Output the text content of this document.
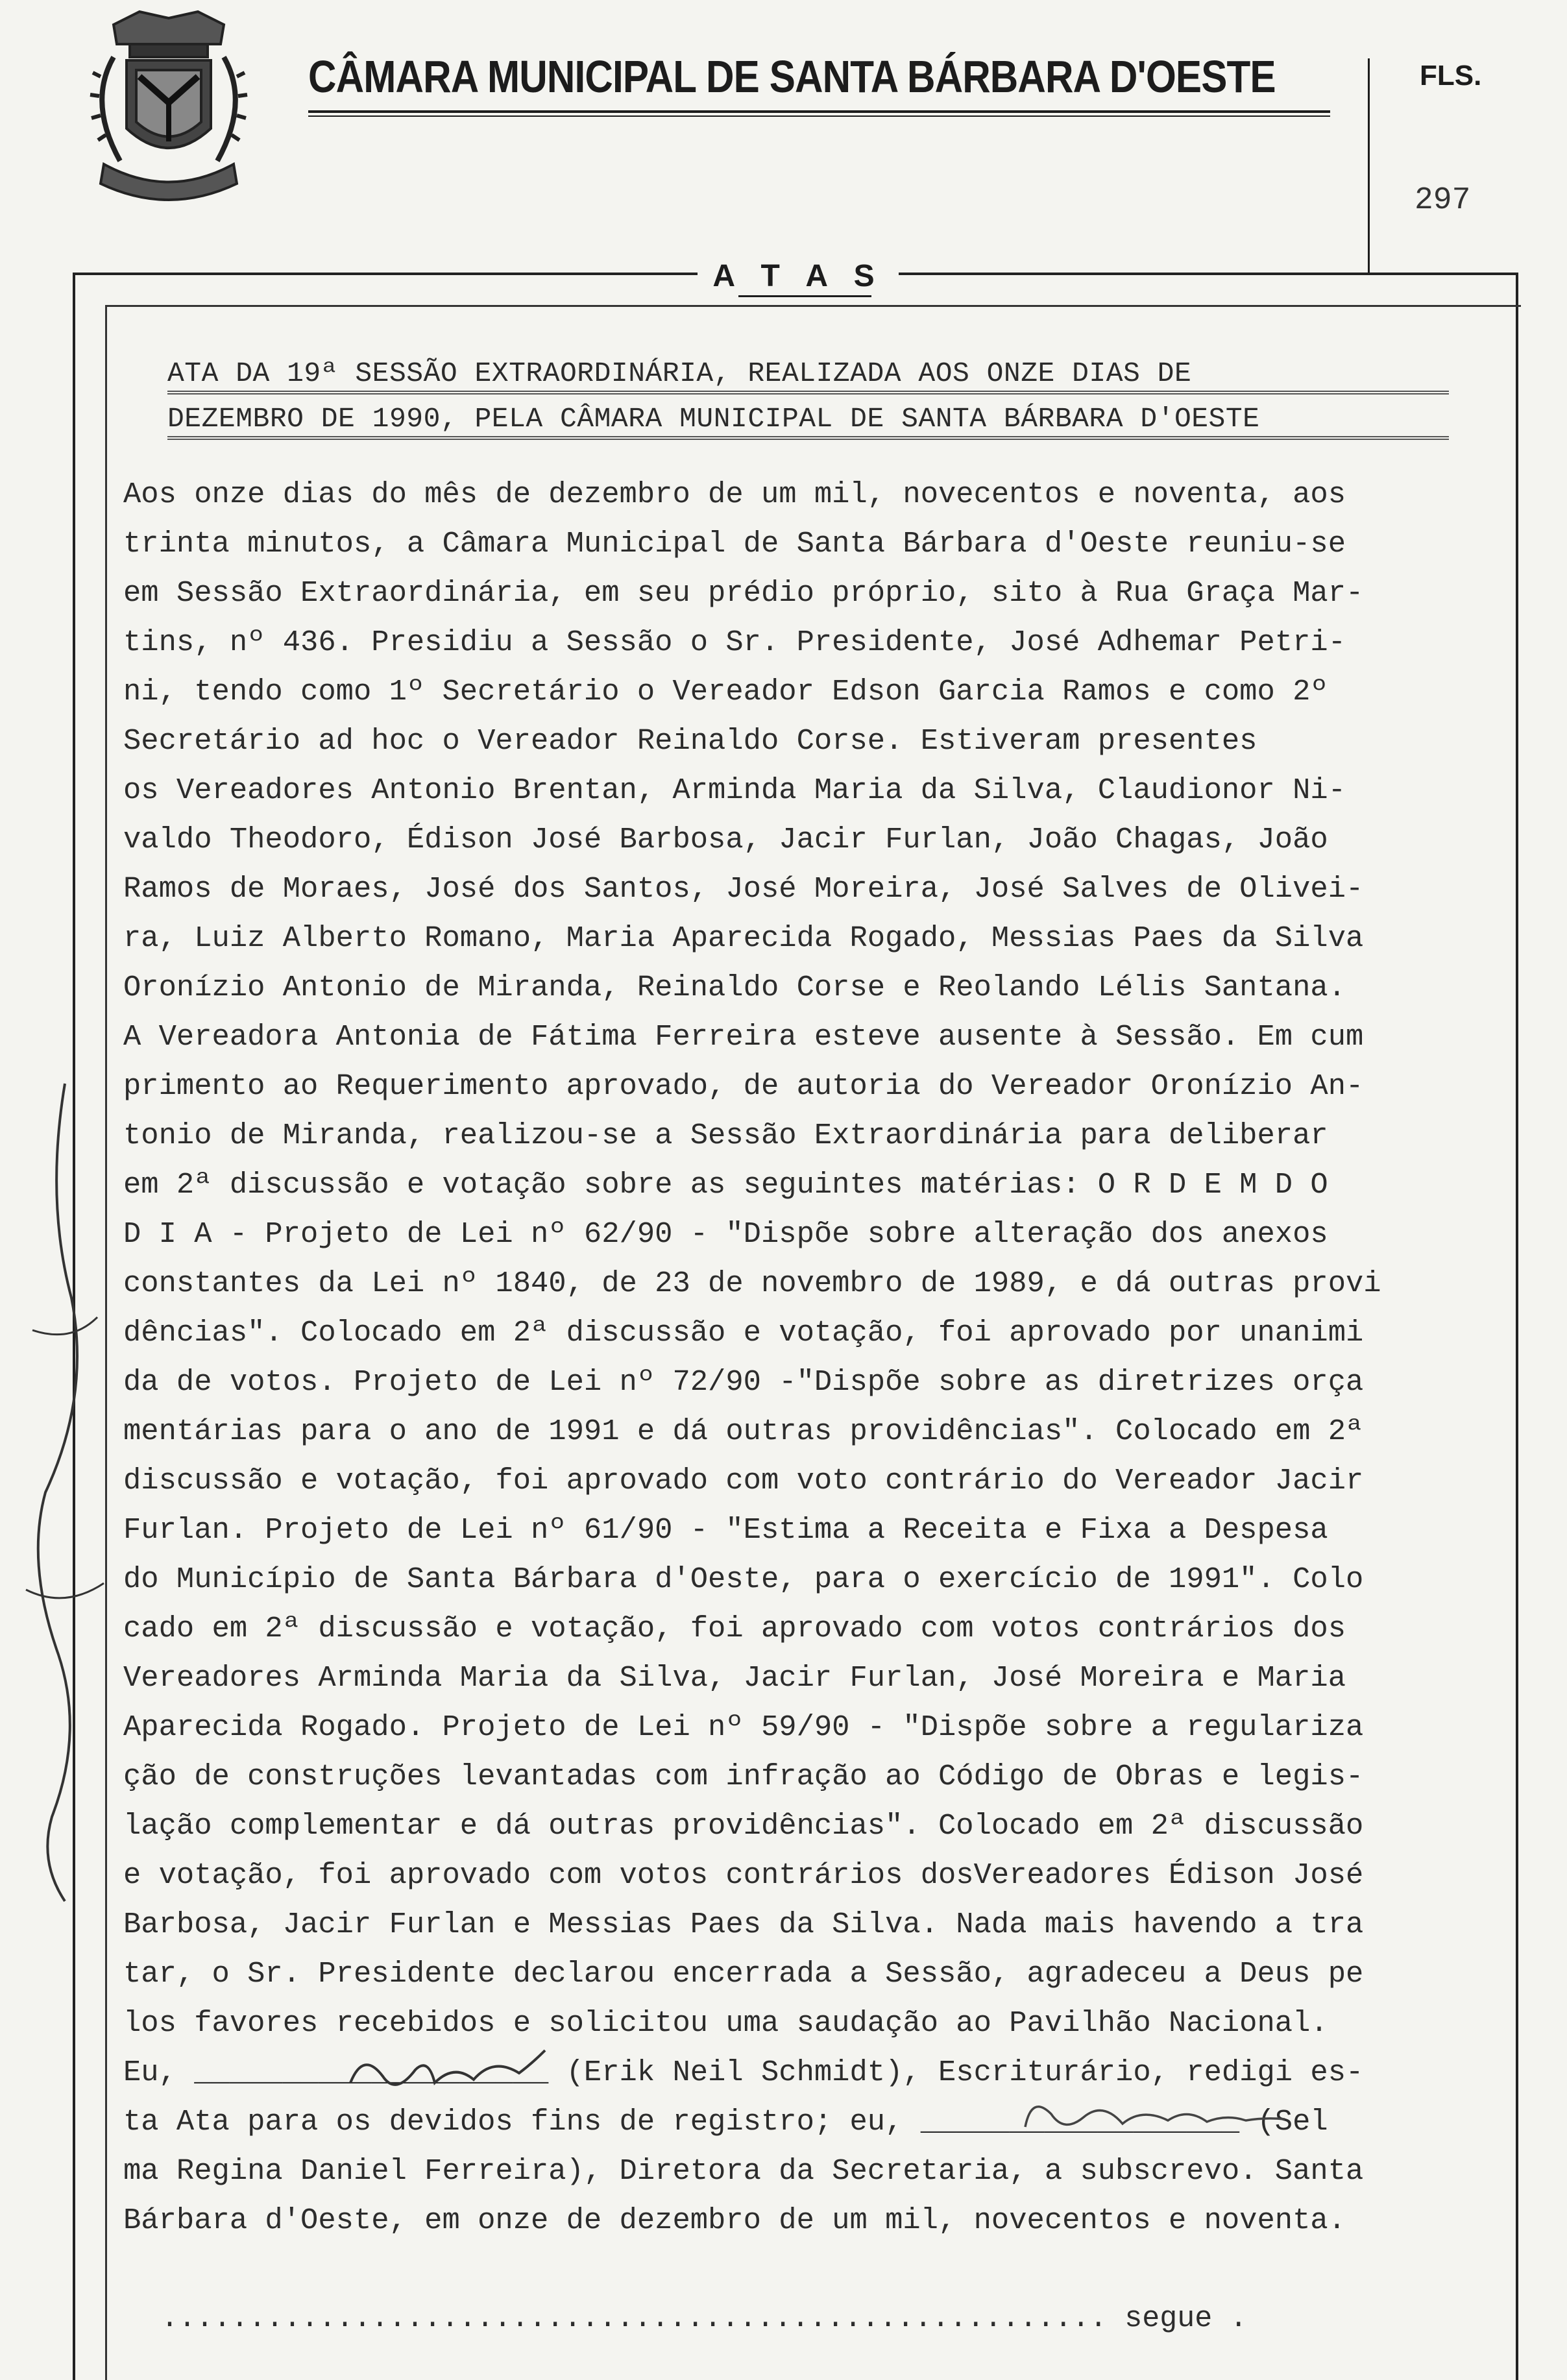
CÂMARA MUNICIPAL DE SANTA BÁRBARA D'OESTE	FLS.
297
A T A S
ATA DA 19ª SESSÃO EXTRAORDINÁRIA, REALIZADA AOS ONZE DIAS DE
DEZEMBRO DE 1990, PELA CÂMARA MUNICIPAL DE SANTA BÁRBARA D'OESTE
Aos onze dias do mês de dezembro de um mil, novecentos e noventa, aos
trinta minutos, a Câmara Municipal de Santa Bárbara d'Oeste reuniu-se
em Sessão Extraordinária, em seu prédio próprio, sito à Rua Graça Mar-
tins, nº 436. Presidiu a Sessão o Sr. Presidente, José Adhemar Petri-
ni, tendo como 1º Secretário o Vereador Edson Garcia Ramos e como 2º
Secretário ad hoc o Vereador Reinaldo Corse. Estiveram presentes
os Vereadores Antonio Brentan, Arminda Maria da Silva, Claudionor Ni-
valdo Theodoro, Édison José Barbosa, Jacir Furlan, João Chagas, João
Ramos de Moraes, José dos Santos, José Moreira, José Salves de Olivei-
ra, Luiz Alberto Romano, Maria Aparecida Rogado, Messias Paes da Silva
Oronízio Antonio de Miranda, Reinaldo Corse e Reolando Lélis Santana.
A Vereadora Antonia de Fátima Ferreira esteve ausente à Sessão. Em cum
primento ao Requerimento aprovado, de autoria do Vereador Oronízio An-
tonio de Miranda, realizou-se a Sessão Extraordinária para deliberar
em 2ª discussão e votação sobre as seguintes matérias: O R D E M D O
D I A - Projeto de Lei nº 62/90 - "Dispõe sobre alteração dos anexos
constantes da Lei nº 1840, de 23 de novembro de 1989, e dá outras provi
dências". Colocado em 2ª discussão e votação, foi aprovado por unanimi
da de votos. Projeto de Lei nº 72/90 -"Dispõe sobre as diretrizes orça
mentárias para o ano de 1991 e dá outras providências". Colocado em 2ª
discussão e votação, foi aprovado com voto contrário do Vereador Jacir
Furlan. Projeto de Lei nº 61/90 - "Estima a Receita e Fixa a Despesa
do Município de Santa Bárbara d'Oeste, para o exercício de 1991". Colo
cado em 2ª discussão e votação, foi aprovado com votos contrários dos
Vereadores Arminda Maria da Silva, Jacir Furlan, José Moreira e Maria
Aparecida Rogado. Projeto de Lei nº 59/90 - "Dispõe sobre a regulariza
ção de construções levantadas com infração ao Código de Obras e legis-
lação complementar e dá outras providências". Colocado em 2ª discussão
e votação, foi aprovado com votos contrários dosVereadores Édison José
Barbosa, Jacir Furlan e Messias Paes da Silva. Nada mais havendo a tra
tar, o Sr. Presidente declarou encerrada a Sessão, agradeceu a Deus pe
los favores recebidos e solicitou uma saudação ao Pavilhão Nacional.
Eu, ____________________ (Erik Neil Schmidt), Escriturário, redigi es-
ta Ata para os devidos fins de registro; eu, __________________ (Sel
ma Regina Daniel Ferreira), Diretora da Secretaria, a subscrevo. Santa
Bárbara d'Oeste, em onze de dezembro de um mil, novecentos e noventa.
...................................................... segue .
